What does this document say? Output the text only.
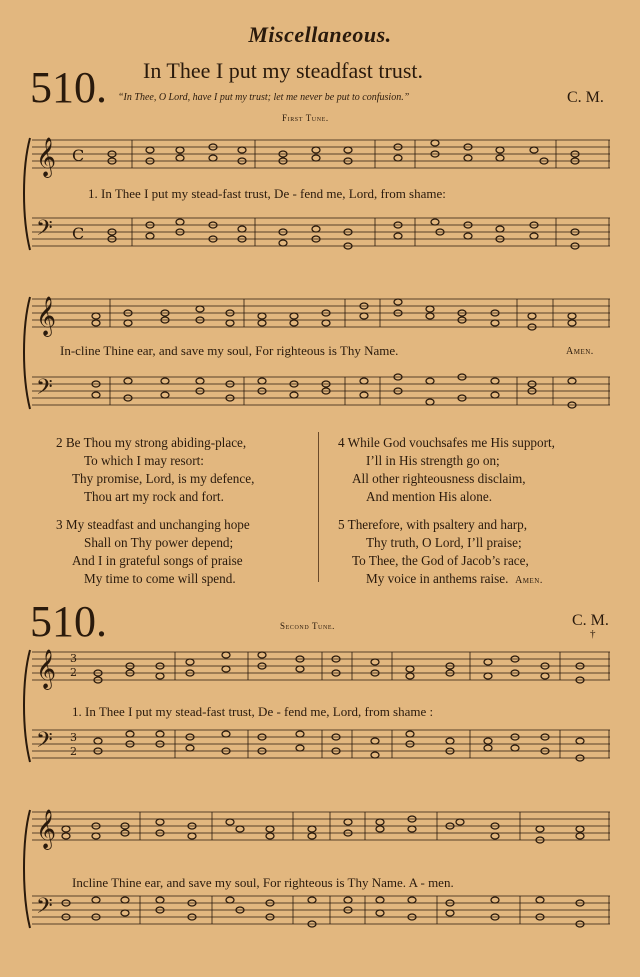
Miscellaneous.
510. In Thee I put my steadfast trust.
“In Thee, O Lord, have I put my trust; let me never be put to confusion.”	C. M.
First Tune.
𝄞
𝄢
C
C
1. In Thee I put my stead-fast trust, De - fend me, Lord, from shame:
𝄞
𝄢
In-cline Thine ear, and save my soul, For righteous is Thy Name.	Amen.
2 Be Thou my strong abiding-place,
To which I may resort:
Thy promise, Lord, is my defence,
Thou art my rock and fort.
3 My steadfast and unchanging hope
Shall on Thy power depend;
And I in grateful songs of praise
My time to come will spend.
4 While God vouchsafes me His support,
I’ll in His strength go on;
All other righteousness disclaim,
And mention His alone.
5 Therefore, with psaltery and harp,
Thy truth, O Lord, I’ll praise;
To Thee, the God of Jacob’s race,
My voice in anthems raise. Amen.
510.	Second Tune.	C. M.
†
𝄞
𝄢
3
2
3
2
1. In Thee I put my stead-fast trust, De - fend me, Lord, from shame :
𝄞
𝄢
Incline Thine ear, and save my soul, For righteous is Thy Name. A - men.
